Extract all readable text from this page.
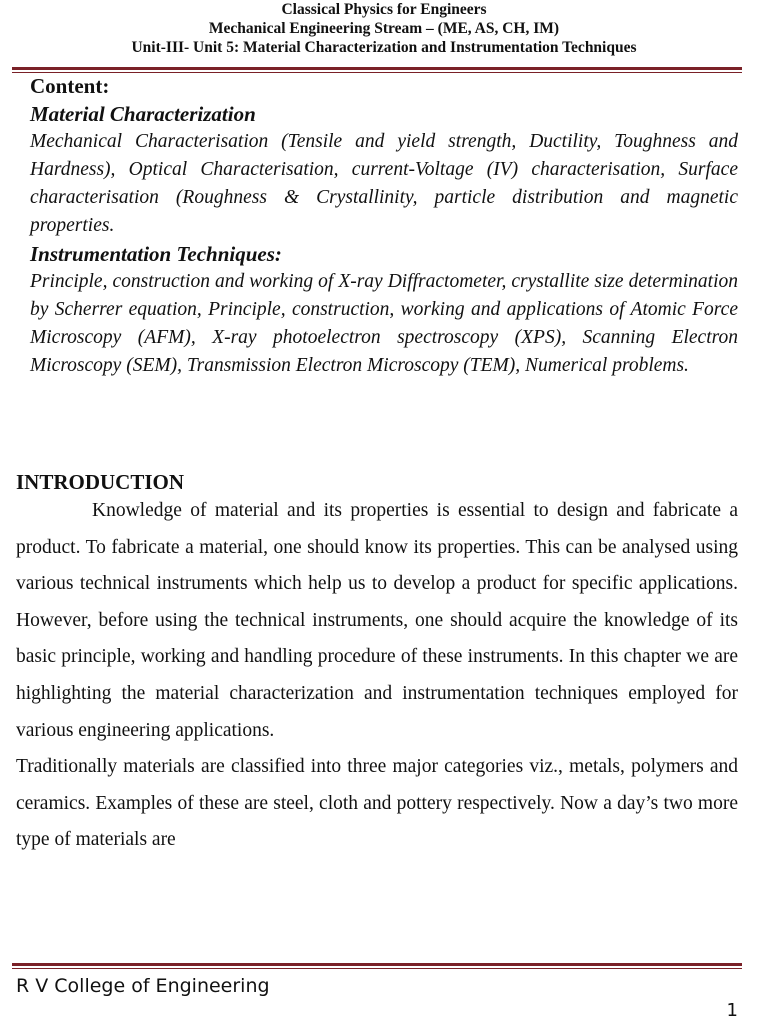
Classical Physics for Engineers
Mechanical Engineering Stream – (ME, AS, CH, IM)
Unit-III- Unit 5: Material Characterization and Instrumentation Techniques
Content:
Material Characterization
Mechanical Characterisation (Tensile and yield strength, Ductility, Toughness and Hardness), Optical Characterisation, current-Voltage (IV) characterisation, Surface characterisation (Roughness & Crystallinity, particle distribution and magnetic properties.
Instrumentation Techniques:
Principle, construction and working of X-ray Diffractometer, crystallite size determination by Scherrer equation, Principle, construction, working and applications of Atomic Force Microscopy (AFM), X-ray photoelectron spectroscopy (XPS), Scanning Electron Microscopy (SEM), Transmission Electron Microscopy (TEM), Numerical problems.
INTRODUCTION

Knowledge of material and its properties is essential to design and fabricate a product. To fabricate a material, one should know its properties. This can be analysed using various technical instruments which help us to develop a product for specific applications. However, before using the technical instruments, one should acquire the knowledge of its basic principle, working and handling procedure of these instruments. In this chapter we are highlighting the material characterization and instrumentation techniques employed for various engineering applications.

Traditionally materials are classified into three major categories viz., metals, polymers and ceramics. Examples of these are steel, cloth and pottery respectively. Now a day’s two more type of materials are

R V College of Engineering
1
